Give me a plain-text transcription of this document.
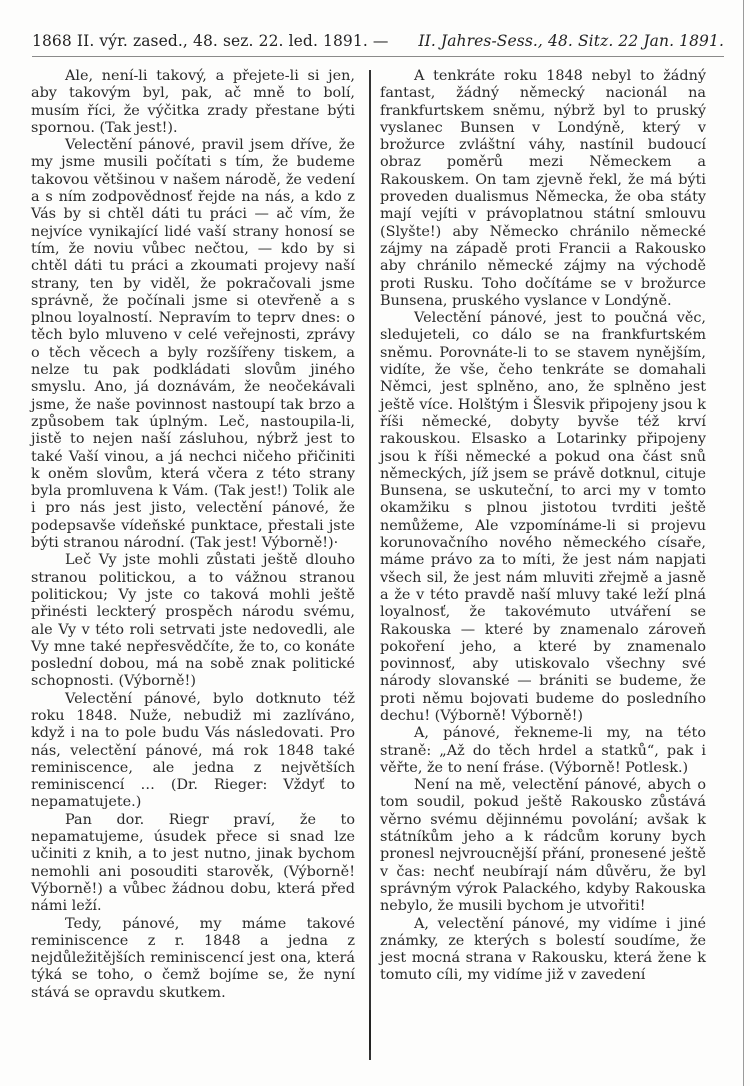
1868 II. výr. zased., 48. sez. 22. led. 1891. — II. Jahres-Sess., 48. Sitz. 22 Jan. 1891.

Ale, není-li takový, a přejete-li si jen, aby takovým byl, pak, ač mně to bolí, musím říci, že výčitka zrady přestane býti spornou. (Tak jest!).

Velectění pánové, pravil jsem dříve, že my jsme musili počítati s tím, že budeme takovou většinou v našem národě, že vedení a s ním zodpovědnosť řejde na nás, a kdo z Vás by si chtěl dáti tu práci — ač vím, že nejvíce vynikající lidé vaší strany honosí se tím, že noviu vůbec nečtou, — kdo by si chtěl dáti tu práci a zkoumati projevy naší strany, ten by viděl, že pokračovali jsme správně, že počínali jsme si otevřeně a s plnou loyalností. Nepravím to teprv dnes: o těch bylo mluveno v celé veřejnosti, zprávy o těch věcech a byly rozšířeny tiskem, a nelze tu pak podkládati slovům jiného smyslu. Ano, já doznávám, že neočekávali jsme, že naše povinnost nastoupí tak brzo a způsobem tak úplným. Leč, nastoupila-li, jistě to nejen naší zásluhou, nýbrž jest to také Vaší vinou, a já nechci ničeho přičiniti k oněm slovům, která včera z této strany byla promluvena k Vám. (Tak jest!) Tolik ale i pro nás jest jisto, velectění pánové, že podepsavše vídeňské punktace, přestali jste býti stranou národní. (Tak jest! Výborně!)·

Leč Vy jste mohli zůstati ještě dlouho stranou politickou, a to vážnou stranou politickou; Vy jste co taková mohli ještě přinésti leckterý prospěch národu svému, ale Vy v této roli setrvati jste nedovedli, ale Vy mne také nepřesvědčíte, že to, co konáte poslední dobou, má na sobě znak politické schopnosti. (Výborně!)

Velectění pánové, bylo dotknuto též roku 1848. Nuže, nebudiž mi zazlíváno, když i na to pole budu Vás následovati. Pro nás, velectění pánové, má rok 1848 také reminiscence, ale jedna z největších reminiscencí … (Dr. Rieger: Vždyť to nepamatujete.)

Pan dor. Riegr praví, že to nepamatujeme, úsudek přece si snad lze učiniti z knih, a to jest nutno, jinak bychom nemohli ani posouditi starověk, (Výborně! Výborně!) a vůbec žádnou dobu, která před námi leží.

Tedy, pánové, my máme takové reminiscence z r. 1848 a jedna z nejdůležitějších reminiscencí jest ona, která týká se toho, o čemž bojíme se, že nyní stává se opravdu skutkem.

A tenkráte roku 1848 nebyl to žádný fantast, žádný německý nacionál na frankfurtskem sněmu, nýbrž byl to pruský vyslanec Bunsen v Londýně, který v brožurce zvláštní váhy, nastínil budoucí obraz poměrů mezi Německem a Rakouskem. On tam zjevně řekl, že má býti proveden dualismus Německa, že oba státy mají vejíti v právoplatnou státní smlouvu (Slyšte!) aby Německo chránilo německé zájmy na západě proti Francii a Rakousko aby chránilo německé zájmy na východě proti Rusku. Toho dočítáme se v brožurce Bunsena, pruského vyslance v Londýně.

Velectění pánové, jest to poučná věc, sledujeteli, co dálo se na frankfurtském sněmu. Porovnáte-li to se stavem nynějším, vidíte, že vše, čeho tenkráte se domahali Němci, jest splněno, ano, že splněno jest ještě více. Holštým i Šlesvik připojeny jsou k říši německé, dobyty byvše též krví rakouskou. Elsasko a Lotarinky připojeny jsou k říši německé a pokud ona část snů německých, jíž jsem se právě dotknul, cituje Bunsena, se uskuteční, to arci my v tomto okamžiku s plnou jistotou tvrditi ještě nemůžeme, Ale vzpomínáme-li si projevu korunovačního nového německého císaře, máme právo za to míti, že jest nám napjati všech sil, že jest nám mluviti zřejmě a jasně a že v této pravdě naší mluvy také leží plná loyalnosť, že takovémuto utváření se Rakouska — které by znamenalo zároveň pokoření jeho, a které by znamenalo povinnosť, aby utiskovalo všechny své národy slovanské — brániti se budeme, že proti němu bojovati budeme do posledního dechu! (Výborně! Výborně!)

A, pánové, řekneme-li my, na této straně: „Až do těch hrdel a statků“, pak i věřte, že to není fráse. (Výborně! Potlesk.)

Není na mě, velectění pánové, abych o tom soudil, pokud ještě Rakousko zůstává věrno svému dějinnému povolání; avšak k státníkům jeho a k rádcům koruny bych pronesl nejvroucnější přání, pronesené ještě v čas: nechť neubírají nám důvěru, že byl správným výrok Palackého, kdyby Rakouska nebylo, že musili bychom je utvořiti!

A, velectění pánové, my vidíme i jiné známky, ze kterých s bolestí soudíme, že jest mocná strana v Rakousku, která žene k tomuto cíli, my vidíme již v zavedení
